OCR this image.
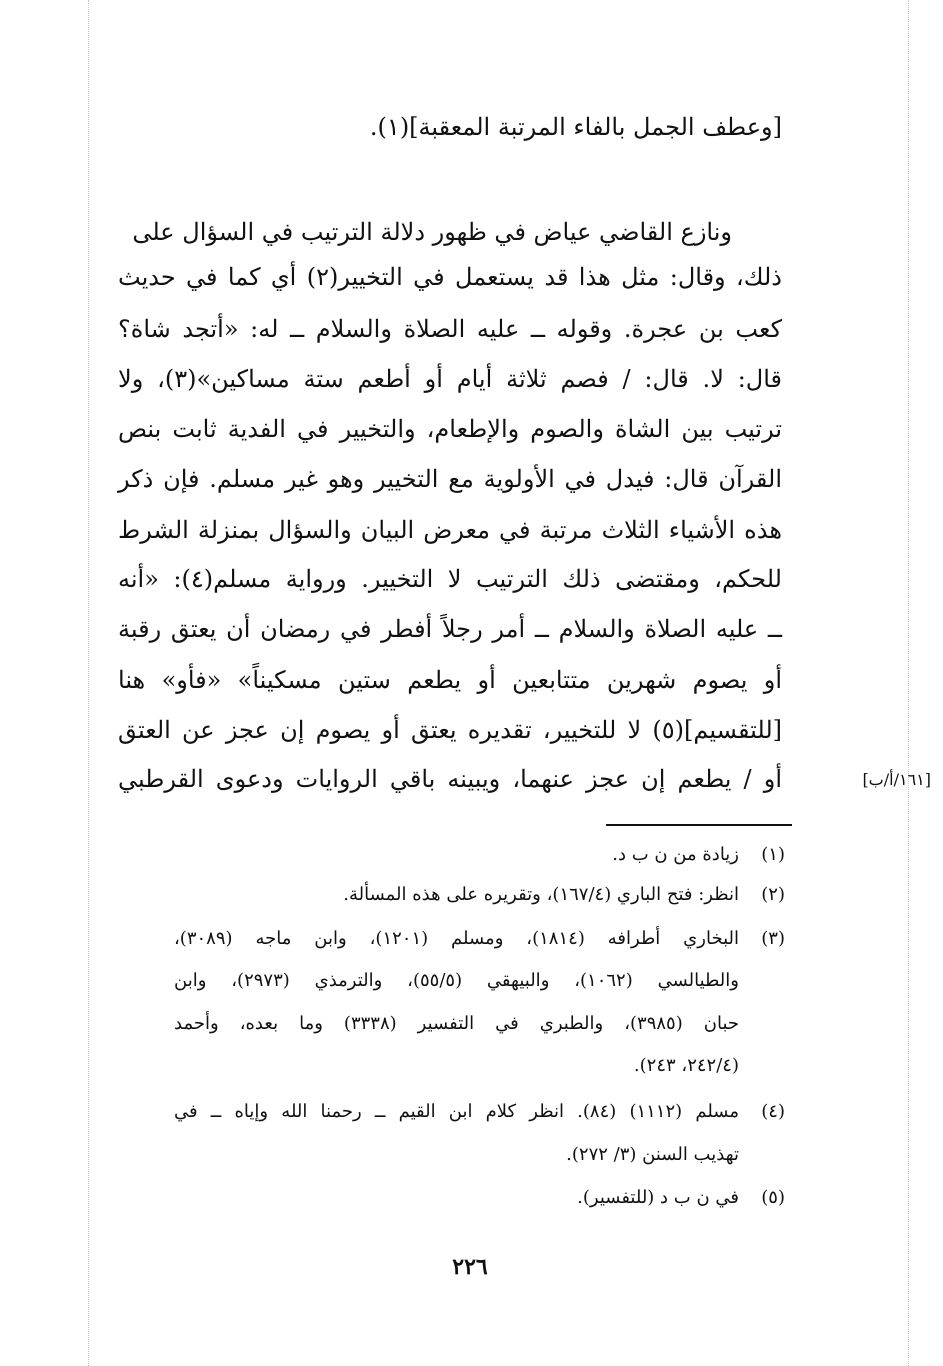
[وعطف الجمل بالفاء المرتبة المعقبة](١).
ونازع القاضي عياض في ظهور دلالة الترتيب في السؤال على
ذلك، وقال: مثل هذا قد يستعمل في التخيير(٢) أي كما في حديث
كعب بن عجرة. وقوله ــ عليه الصلاة والسلام ــ له: «أتجد شاة؟
قال: لا. قال: / فصم ثلاثة أيام أو أطعم ستة مساكين»(٣)، ولا
ترتيب بين الشاة والصوم والإطعام، والتخيير في الفدية ثابت بنص
القرآن قال: فيدل في الأولوية مع التخيير وهو غير مسلم. فإن ذكر
هذه الأشياء الثلاث مرتبة في معرض البيان والسؤال بمنزلة الشرط
للحكم، ومقتضى ذلك الترتيب لا التخيير. ورواية مسلم(٤): «أنه
ــ عليه الصلاة والسلام ــ أمر رجلاً أفطر في رمضان أن يعتق رقبة
أو يصوم شهرين متتابعين أو يطعم ستين مسكيناً» «فأو» هنا
[للتقسيم](٥) لا للتخيير، تقديره يعتق أو يصوم إن عجز عن العتق
أو / يطعم إن عجز عنهما، ويبينه باقي الروايات ودعوى القرطبي	[١٦١/أ/ب]
(١)زيادة من ن ب د.
(٢)انظر: فتح الباري (١٦٧/٤)، وتقريره على هذه المسألة.
(٣)البخاري أطرافه (١٨١٤)، ومسلم (١٢٠١)، وابن ماجه (٣٠٨٩)،
والطيالسي (١٠٦٢)، والبيهقي (٥٥/٥)، والترمذي (٢٩٧٣)، وابن
حبان (٣٩٨٥)، والطبري في التفسير (٣٣٣٨) وما بعده، وأحمد
(٢٤٢/٤، ٢٤٣).
(٤)مسلم (١١١٢) (٨٤). انظر كلام ابن القيم ــ رحمنا الله وإياه ــ في
تهذيب السنن (٣/ ٢٧٢).
(٥)في ن ب د (للتفسير).
٢٢٦
